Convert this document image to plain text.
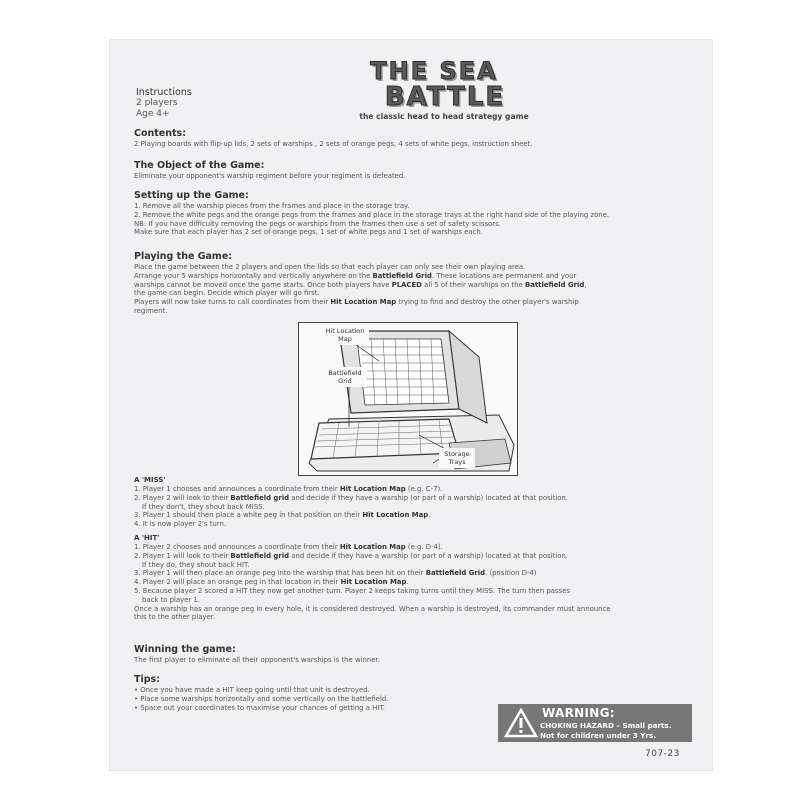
THE SEA
BATTLE
the classic head to head strategy game
Instructions
2 players
Age 4+
Contents:
2 Playing boards with flip-up lids, 2 sets of warships , 2 sets of orange pegs, 4 sets of white pegs, instruction sheet.
The Object of the Game:
Eliminate your opponent's warship regiment before your regiment is defeated.
Setting up the Game:
1. Remove all the warship pieces from the frames and place in the storage tray.
2. Remove the white pegs and the orange pegs from the frames and place in the storage trays at the right hand side of the playing zone.
NB: If you have difficulty removing the pegs or warships from the frames then use a set of safety scissors.
Make sure that each player has 2 set of orange pegs, 1 set of white pegs and 1 set of warships each.
Playing the Game:
Place the game between the 2 players and open the lids so that each player can only see their own playing area.
Arrange your 5 warships horizontally and vertically anywhere on the Battlefield Grid. These locations are permanent and your
warships cannot be moved once the game starts. Once both players have PLACED all 5 of their warships on the Battlefield Grid,
the game can begin. Decide which player will go first.
Players will now take turns to call coordinates from their Hit Location Map trying to find and destroy the other player's warship
regiment.
Hit Location
Map
Battlefield
Grid
Storage
Trays
A 'MISS'
1. Player 1 chooses and announces a coordinate from their Hit Location Map (e.g. C-7).
2. Player 2 will look to their Battlefield grid and decide if they have a warship (or part of a warship) located at that position.
If they don't, they shout back MISS.
3. Player 1 should then place a white peg in that position on their Hit Location Map.
4. It is now player 2's turn.
A 'HIT'
1. Player 2 chooses and announces a coordinate from their Hit Location Map (e.g. D-4).
2. Player 1 will look to their Battlefield grid and decide if they have a warship (or part of a warship) located at that position.
If they do, they shout back HIT.
3. Player 1 will then place an orange peg into the warship that has been hit on their Battlefield Grid. (position D-4)
4. Player 2 will place an orange peg in that location in their Hit Location Map.
5. Because player 2 scored a HIT they now get another turn. Player 2 keeps taking turns until they MISS. The turn then passes
back to player 1.
Once a warship has an orange peg in every hole, it is considered destroyed. When a warship is destroyed, its commander must announce
this to the other player.
Winning the game:
The first player to eliminate all their opponent's warships is the winner.
Tips:
• Once you have made a HIT keep going until that unit is destroyed.
• Place some warships horizontally and some vertically on the battlefield.
• Space out your coordinates to maximise your chances of getting a HIT.	WARNING:
CHOKING HAZARD – Small parts.
Not for children under 3 Yrs.
707-23
